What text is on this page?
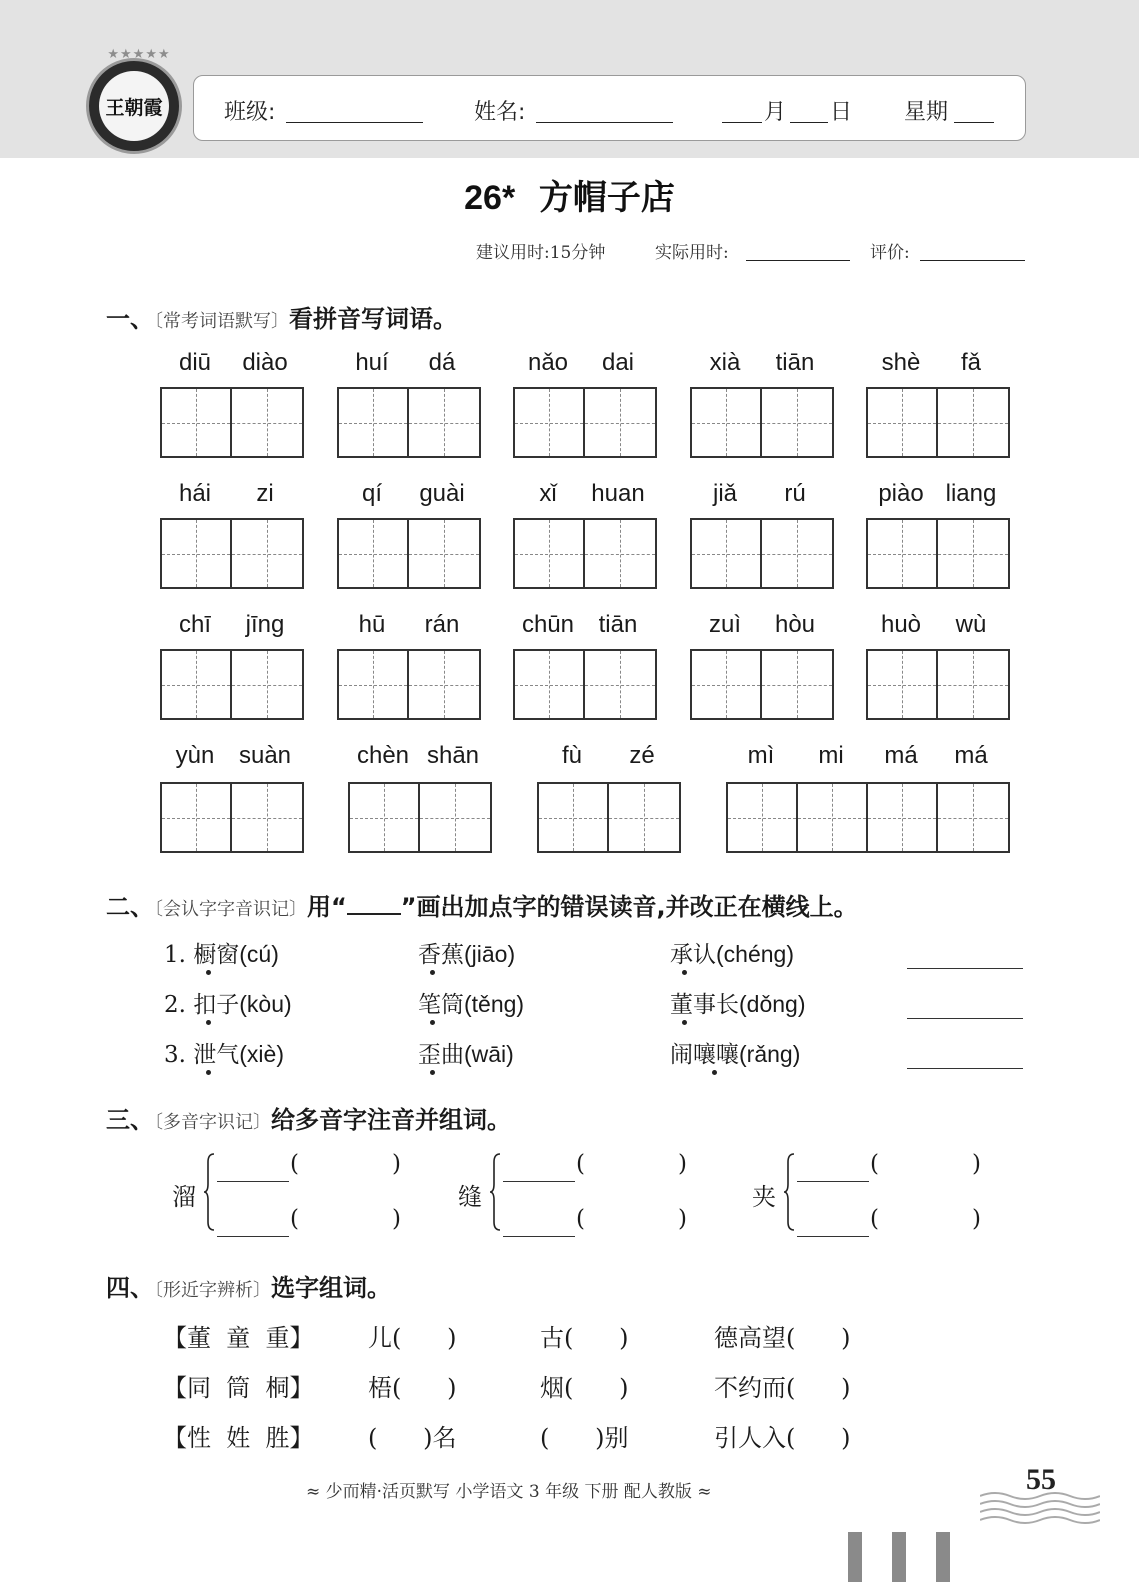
★★★★★
王朝霞	班级:	姓名:	月 日 星期
26* 方帽子店
建议用时:15分钟	实际用时:	评价:
一、〔常考词语默写〕看拼音写词语。
diū	diào	huí	dá	nǎo	dai	xià	tiān	shè	fǎ
hái	zi	qí	guài	xǐ	huan	jiǎ	rú	piào liang
chī	jīng	hū	rán	chūn	tiān	zuì	hòu	huò	wù
yùn	suàn	chèn shān	fù	zé	mì	mi	má	má
二、〔会认字字音识记〕用“ ”画出加点字的错误读音,并改正在横线上。
1. 橱窗(cú)	香蕉(jiāo)	承认(chéng)
2. 扣子(kòu)	笔筒(těng)	董事长(dǒng)
3. 泄气(xiè)	歪曲(wāi)	闹嚷嚷(rǎng)
三、〔多音字识记〕给多音字注音并组词。
溜
(	)
(	)
缝
(	)
(	)
夹
(	)
(	)
四、〔形近字辨析〕选字组词。
【董  童  重】 儿(      )	古(      )	德高望(      )
【同  筒  桐】 梧(      )	烟(      )	不约而(      )
【性  姓  胜】 (      )名	(      )别	引人入(      )
≈ 少而精·活页默写 小学语文 3 年级 下册 配人教版 ≈	55
